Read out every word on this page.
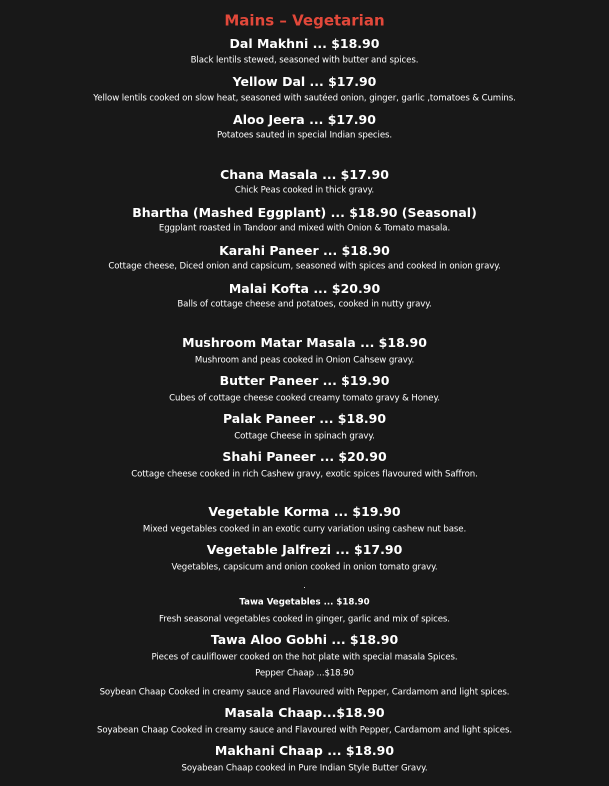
Mains – Vegetarian
.
Dal Makhni ... $18.90
Black lentils stewed, seasoned with butter and spices.
Yellow Dal ... $17.90
Yellow lentils cooked on slow heat, seasoned with sautéed onion, ginger, garlic ,tomatoes & Cumins.
Aloo Jeera ... $17.90
Potatoes sauted in special Indian species.
Chana Masala ... $17.90
Chick Peas cooked in thick gravy.
Bhartha (Mashed Eggplant) ... $18.90 (Seasonal)
Eggplant roasted in Tandoor and mixed with Onion & Tomato masala.
Karahi Paneer ... $18.90
Cottage cheese, Diced onion and capsicum, seasoned with spices and cooked in onion gravy.
Malai Kofta ... $20.90
Balls of cottage cheese and potatoes, cooked in nutty gravy.
Mushroom Matar Masala ... $18.90
Mushroom and peas cooked in Onion Cahsew gravy.
Butter Paneer ... $19.90
Cubes of cottage cheese cooked creamy tomato gravy & Honey.
Palak Paneer ... $18.90
Cottage Cheese in spinach gravy.
Shahi Paneer ... $20.90
Cottage cheese cooked in rich Cashew gravy, exotic spices flavoured with Saffron.
Vegetable Korma ... $19.90
Mixed vegetables cooked in an exotic curry variation using cashew nut base.
Vegetable Jalfrezi ... $17.90
Vegetables, capsicum and onion cooked in onion tomato gravy.
Tawa Vegetables ... $18.90
Fresh seasonal vegetables cooked in ginger, garlic and mix of spices.
Tawa Aloo Gobhi ... $18.90
Pieces of cauliflower cooked on the hot plate with special masala Spices.
Pepper Chaap ...$18.90
Soybean Chaap Cooked in creamy sauce and Flavoured with Pepper, Cardamom and light spices.
Masala Chaap...$18.90
Soyabean Chaap Cooked in creamy sauce and Flavoured with Pepper, Cardamom and light spices.
Makhani Chaap ... $18.90
Soyabean Chaap cooked in Pure Indian Style Butter Gravy.
